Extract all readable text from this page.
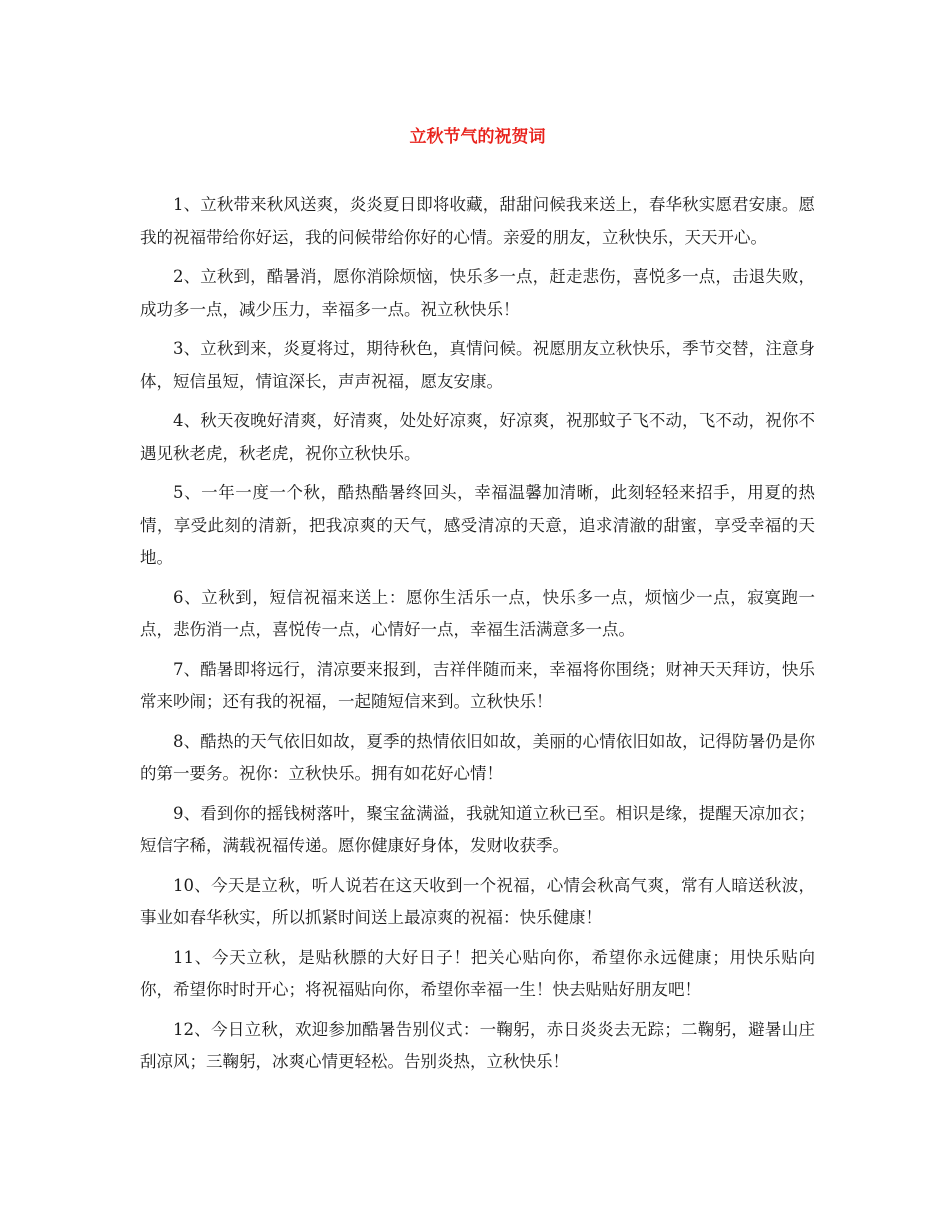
立秋节气的祝贺词

1、立秋带来秋风送爽，炎炎夏日即将收藏，甜甜问候我来送上，春华秋实愿君安康。愿我的祝福带给你好运，我的问候带给你好的心情。亲爱的朋友，立秋快乐，天天开心。

2、立秋到，酷暑消，愿你消除烦恼，快乐多一点，赶走悲伤，喜悦多一点，击退失败，成功多一点，减少压力，幸福多一点。祝立秋快乐！

3、立秋到来，炎夏将过，期待秋色，真情问候。祝愿朋友立秋快乐，季节交替，注意身体，短信虽短，情谊深长，声声祝福，愿友安康。

4、秋天夜晚好清爽，好清爽，处处好凉爽，好凉爽，祝那蚊子飞不动，飞不动，祝你不遇见秋老虎，秋老虎，祝你立秋快乐。

5、一年一度一个秋，酷热酷暑终回头，幸福温馨加清晰，此刻轻轻来招手，用夏的热情，享受此刻的清新，把我凉爽的天气，感受清凉的天意，追求清澈的甜蜜，享受幸福的天地。

6、立秋到，短信祝福来送上：愿你生活乐一点，快乐多一点，烦恼少一点，寂寞跑一点，悲伤消一点，喜悦传一点，心情好一点，幸福生活满意多一点。

7、酷暑即将远行，清凉要来报到，吉祥伴随而来，幸福将你围绕；财神天天拜访，快乐常来吵闹；还有我的祝福，一起随短信来到。立秋快乐！

8、酷热的天气依旧如故，夏季的热情依旧如故，美丽的心情依旧如故，记得防暑仍是你的第一要务。祝你：立秋快乐。拥有如花好心情！

9、看到你的摇钱树落叶，聚宝盆满溢，我就知道立秋已至。相识是缘，提醒天凉加衣；短信字稀，满载祝福传递。愿你健康好身体，发财收获季。

10、今天是立秋，听人说若在这天收到一个祝福，心情会秋高气爽，常有人暗送秋波，事业如春华秋实，所以抓紧时间送上最凉爽的祝福：快乐健康！

11、今天立秋，是贴秋膘的大好日子！把关心贴向你，希望你永远健康；用快乐贴向你，希望你时时开心；将祝福贴向你，希望你幸福一生！快去贴贴好朋友吧！

12、今日立秋，欢迎参加酷暑告别仪式：一鞠躬，赤日炎炎去无踪；二鞠躬，避暑山庄刮凉风；三鞠躬，冰爽心情更轻松。告别炎热，立秋快乐！
